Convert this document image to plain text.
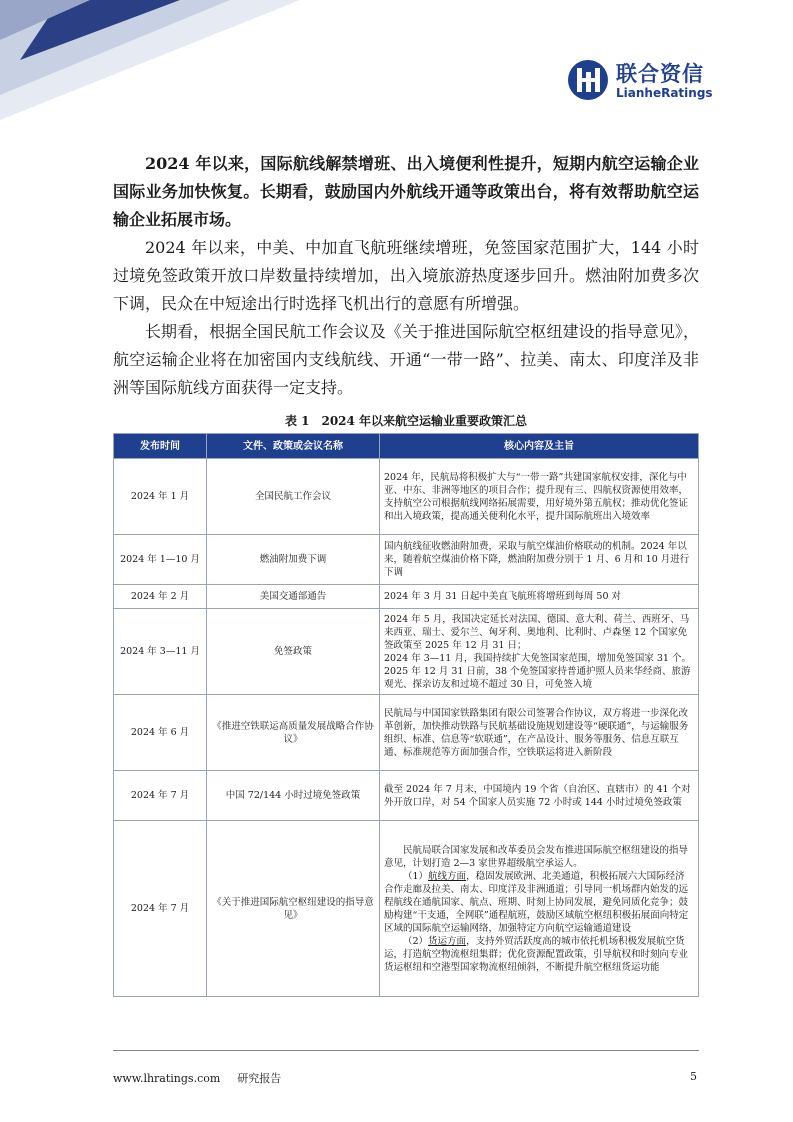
联合资信
LianheRatings

2024 年以来，国际航线解禁增班、出入境便利性提升，短期内航空运输企业国际业务加快恢复。长期看，鼓励国内外航线开通等政策出台，将有效帮助航空运输企业拓展市场。

2024 年以来，中美、中加直飞航班继续增班，免签国家范围扩大，144 小时过境免签政策开放口岸数量持续增加，出入境旅游热度逐步回升。燃油附加费多次下调，民众在中短途出行时选择飞机出行的意愿有所增强。

长期看，根据全国民航工作会议及《关于推进国际航空枢纽建设的指导意见》，航空运输企业将在加密国内支线航线、开通“一带一路”、拉美、南太、印度洋及非洲等国际航线方面获得一定支持。

表 1　2024 年以来航空运输业重要政策汇总
发布时间	文件、政策或会议名称	核心内容及主旨
2024 年 1 月	全国民航工作会议	2024 年，民航局将积极扩大与“一带一路”共建国家航权安排，深化与中亚、中东、非洲等地区的项目合作；提升现有三、四航权资源使用效率，支持航空公司根据航线网络拓展需要，用好境外第五航权；推动优化签证和出入境政策，提高通关便利化水平，提升国际航班出入境效率
2024 年 1—10 月	燃油附加费下调	国内航线征收燃油附加费，采取与航空煤油价格联动的机制。2024 年以来，随着航空煤油价格下降，燃油附加费分别于 1 月、6 月和 10 月进行下调
2024 年 2 月	美国交通部通告	2024 年 3 月 31 日起中美直飞航班将增班到每周 50 对
2024 年 3—11 月	免签政策	2024 年 5 月，我国决定延长对法国、德国、意大利、荷兰、西班牙、马来西亚、瑞士、爱尔兰、匈牙利、奥地利、比利时、卢森堡 12 个国家免签政策至 2025 年 12 月 31 日；
2024 年 3—11 月，我国持续扩大免签国家范围，增加免签国家 31 个。2025 年 12 月 31 日前，38 个免签国家持普通护照人员来华经商、旅游观光、探亲访友和过境不超过 30 日，可免签入境
2024 年 6 月	《推进空铁联运高质量发展战略合作协议》	民航局与中国国家铁路集团有限公司签署合作协议，双方将进一步深化改革创新，加快推动铁路与民航基础设施规划建设等“硬联通”，与运输服务组织、标准、信息等“软联通”，在产品设计、服务等服务、信息互联互通、标准规范等方面加强合作，空铁联运将进入新阶段
2024 年 7 月	中国 72/144 小时过境免签政策	截至 2024 年 7 月末，中国境内 19 个省（自治区、直辖市）的 41 个对外开放口岸，对 54 个国家人员实施 72 小时或 144 小时过境免签政策
2024 年 7 月	《关于推进国际航空枢纽建设的指导意见》	民航局联合国家发展和改革委员会发布推进国际航空枢纽建设的指导意见，计划打造 2—3 家世界超级航空承运人。
（1）航线方面，稳固发展欧洲、北美通道，积极拓展六大国际经济合作走廊及拉美、南太、印度洋及非洲通道；引导同一机场群内始发的远程航线在通航国家、航点、班期、时刻上协同发展，避免同质化竞争；鼓励构建“干支通，全网联”通程航班，鼓励区域航空枢纽积极拓展面向特定区域的国际航空运输网络，加强特定方向航空运输通道建设
（2）货运方面，支持外贸活跃度高的城市依托机场积极发展航空货运，打造航空物流枢纽集群；优化资源配置政策，引导航权和时刻向专业货运枢纽和空港型国家物流枢纽倾斜，不断提升航空枢纽货运功能
www.lhratings.com 研究报告	5
